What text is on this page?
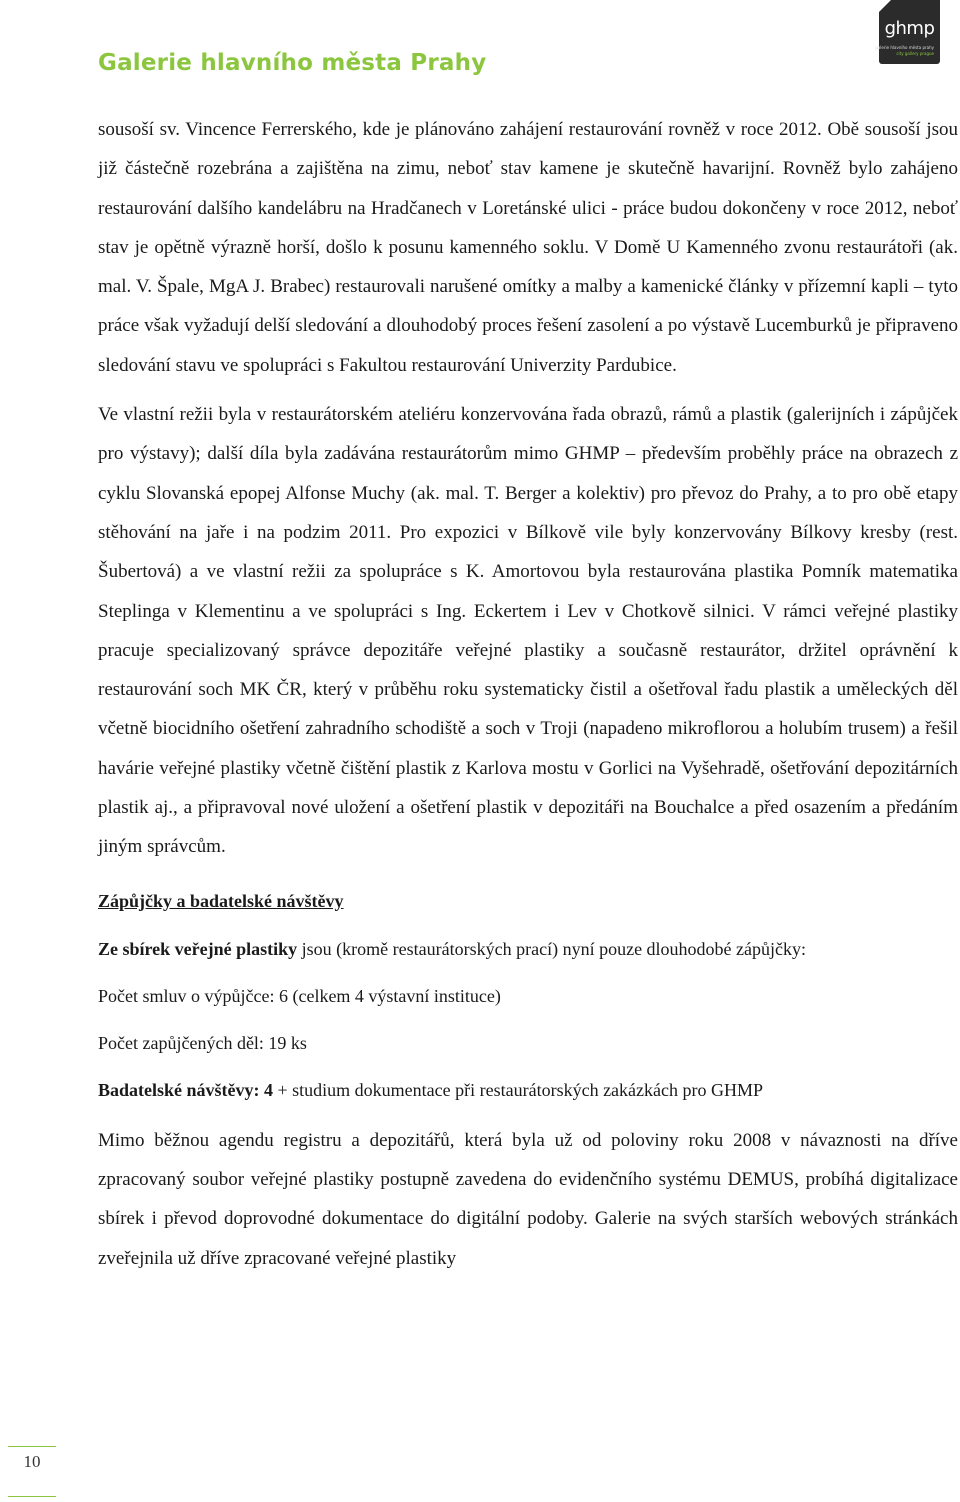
Galerie hlavního města Prahy
ghmp
galerie hlavního města prahy
city gallery prague

sousoší sv. Vincence Ferrerského, kde je plánováno zahájení restaurování rovněž v roce 2012. Obě sousoší jsou již částečně rozebrána a zajištěna na zimu, neboť stav kamene je skutečně havarijní. Rovněž bylo zahájeno restaurování dalšího kandelábru na Hradčanech v Loretánské ulici - práce budou dokončeny v roce 2012, neboť stav je opětně výrazně horší, došlo k posunu kamenného soklu. V Domě U Kamenného zvonu restaurátoři (ak. mal. V. Špale, MgA J. Brabec) restaurovali narušené omítky a malby a kamenické články v přízemní kapli – tyto práce však vyžadují delší sledování a dlouhodobý proces řešení zasolení a po výstavě Lucemburků je připraveno sledování stavu ve spolupráci s Fakultou restaurování Univerzity Pardubice.

Ve vlastní režii byla v restaurátorském ateliéru konzervována řada obrazů, rámů a plastik (galerijních i zápůjček pro výstavy); další díla byla zadávána restaurátorům mimo GHMP – především proběhly práce na obrazech z cyklu Slovanská epopej Alfonse Muchy (ak. mal. T. Berger a kolektiv) pro převoz do Prahy, a to pro obě etapy stěhování na jaře i na podzim 2011. Pro expozici v Bílkově vile byly konzervovány Bílkovy kresby (rest. Šubertová) a ve vlastní režii za spolupráce s K. Amortovou byla restaurována plastika Pomník matematika Steplinga v Klementinu a ve spolupráci s Ing. Eckertem i Lev v Chotkově silnici. V rámci veřejné plastiky pracuje specializovaný správce depozitáře veřejné plastiky a současně restaurátor, držitel oprávnění k restaurování soch MK ČR, který v průběhu roku systematicky čistil a ošetřoval řadu plastik a uměleckých děl včetně biocidního ošetření zahradního schodiště a soch v Troji (napadeno mikroflorou a holubím trusem) a řešil havárie veřejné plastiky včetně čištění plastik z Karlova mostu v Gorlici na Vyšehradě, ošetřování depozitárních plastik aj., a připravoval nové uložení a ošetření plastik v depozitáři na Bouchalce a před osazením a předáním jiným správcům.

Zápůjčky a badatelské návštěvy

Ze sbírek veřejné plastiky jsou (kromě restaurátorských prací) nyní pouze dlouhodobé zápůjčky:

Počet smluv o výpůjčce: 6 (celkem 4 výstavní instituce)

Počet zapůjčených děl: 19 ks

Badatelské návštěvy: 4 + studium dokumentace při restaurátorských zakázkách pro GHMP

Mimo běžnou agendu registru a depozitářů, která byla už od poloviny roku 2008 v návaznosti na dříve zpracovaný soubor veřejné plastiky postupně zavedena do evidenčního systému DEMUS, probíhá digitalizace sbírek i převod doprovodné dokumentace do digitální podoby. Galerie na svých starších webových stránkách zveřejnila už dříve zpracované veřejné plastiky

10
